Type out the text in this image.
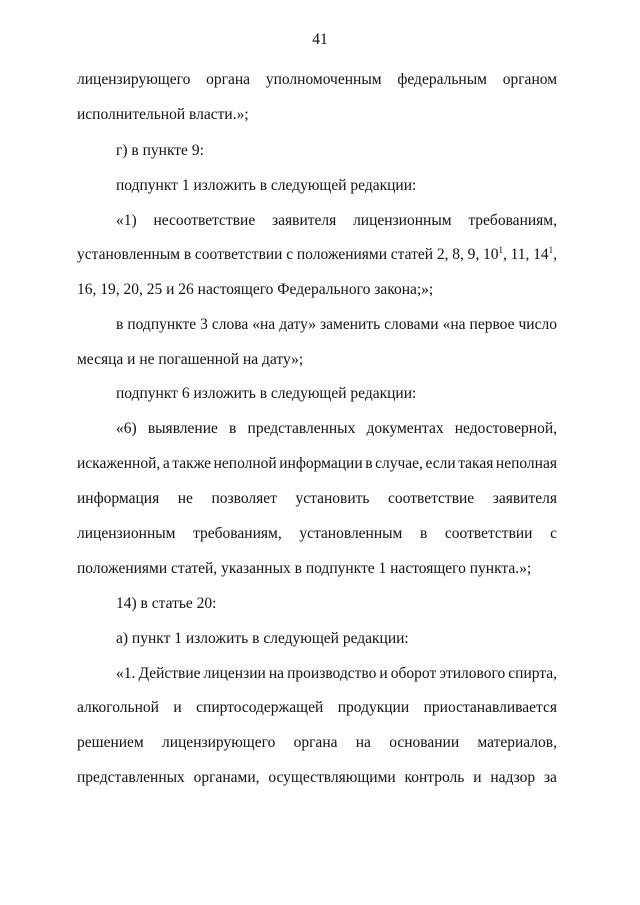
41
лицензирующего органа уполномоченным федеральным органом
исполнительной власти.»;
г) в пункте 9:
подпункт 1 изложить в следующей редакции:
«1) несоответствие заявителя лицензионным требованиям,
установленным в соответствии с положениями статей 2, 8, 9, $10^1$, 11, $14^1$,
16, 19, 20, 25 и 26 настоящего Федерального закона;»;
в подпункте 3 слова «на дату» заменить словами «на первое число
месяца и не погашенной на дату»;
подпункт 6 изложить в следующей редакции:
«6) выявление в представленных документах недостоверной,
искаженной, а также неполной информации в случае, если такая неполная
информация не позволяет установить соответствие заявителя
лицензионным требованиям, установленным в соответствии с
положениями статей, указанных в подпункте 1 настоящего пункта.»;
14) в статье 20:
а) пункт 1 изложить в следующей редакции:
«1. Действие лицензии на производство и оборот этилового спирта,
алкогольной и спиртосодержащей продукции приостанавливается
решением лицензирующего органа на основании материалов,
представленных органами, осуществляющими контроль и надзор за
